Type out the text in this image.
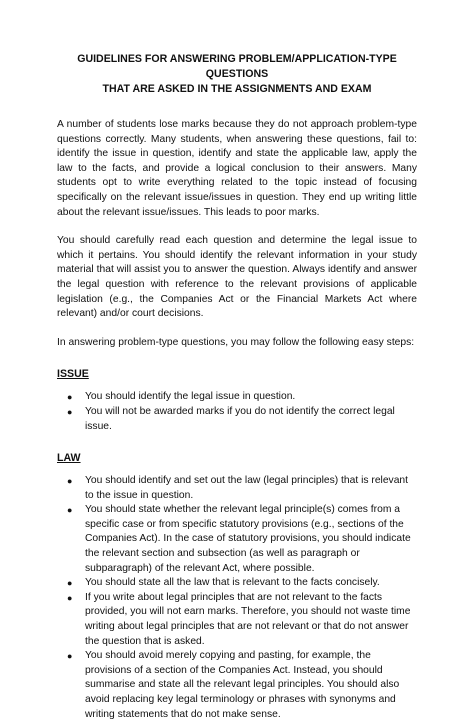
GUIDELINES FOR ANSWERING PROBLEM/APPLICATION-TYPE QUESTIONS
THAT ARE ASKED IN THE ASSIGNMENTS AND EXAM

A number of students lose marks because they do not approach problem-type questions correctly. Many students, when answering these questions, fail to: identify the issue in question, identify and state the applicable law, apply the law to the facts, and provide a logical conclusion to their answers. Many students opt to write everything related to the topic instead of focusing specifically on the relevant issue/issues in question. They end up writing little about the relevant issue/issues. This leads to poor marks.

You should carefully read each question and determine the legal issue to which it pertains. You should identify the relevant information in your study material that will assist you to answer the question. Always identify and answer the legal question with reference to the relevant provisions of applicable legislation (e.g., the Companies Act or the Financial Markets Act where relevant) and/or court decisions.

In answering problem-type questions, you may follow the following easy steps:

ISSUE
● You should identify the legal issue in question.
● You will not be awarded marks if you do not identify the correct legal issue.
LAW
● You should identify and set out the law (legal principles) that is relevant to the issue in question.
● You should state whether the relevant legal principle(s) comes from a specific case or from specific statutory provisions (e.g., sections of the Companies Act). In the case of statutory provisions, you should indicate the relevant section and subsection (as well as paragraph or subparagraph) of the relevant Act, where possible.
● You should state all the law that is relevant to the facts concisely.
● If you write about legal principles that are not relevant to the facts provided, you will not earn marks. Therefore, you should not waste time writing about legal principles that are not relevant or that do not answer the question that is asked.
● You should avoid merely copying and pasting, for example, the provisions of a section of the Companies Act. Instead, you should summarise and state all the relevant legal principles. You should also avoid replacing key legal terminology or phrases with synonyms and writing statements that do not make sense.
